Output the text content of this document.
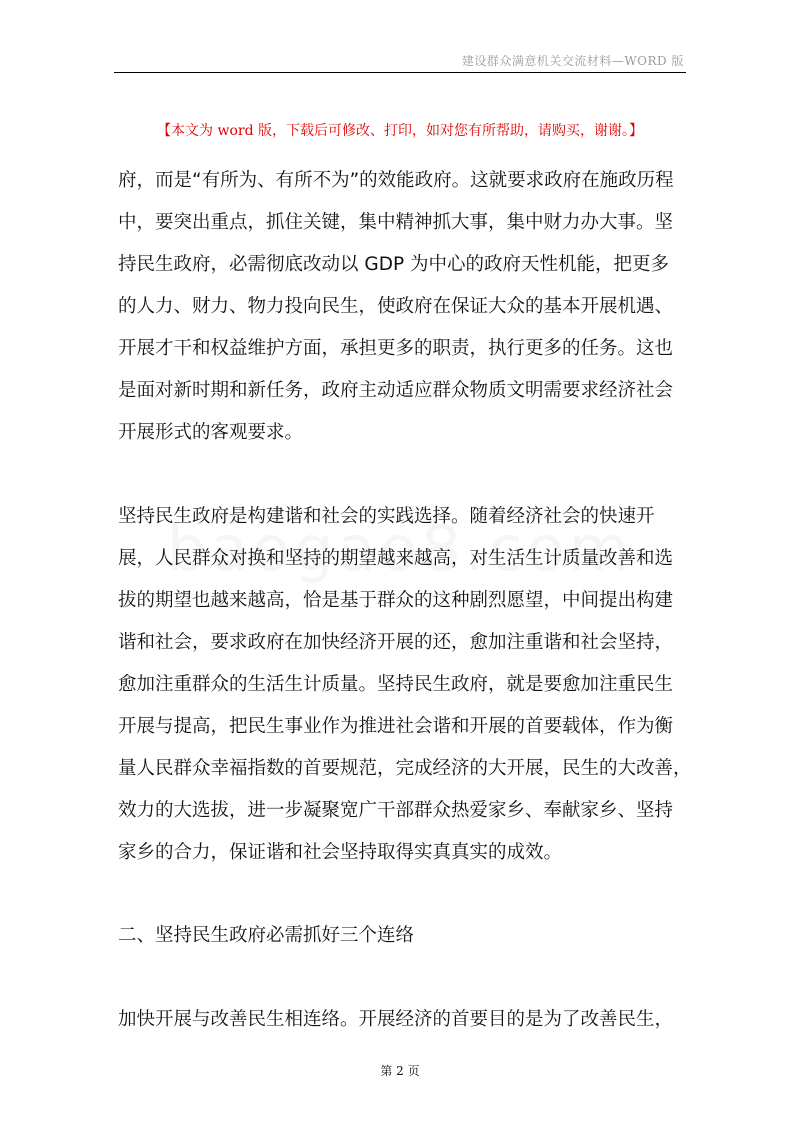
建设群众满意机关交流材料—WORD 版
【本文为 word 版，下载后可修改、打印，如对您有所帮助，请购买，谢谢。】
府，而是“有所为、有所不为”的效能政府。这就要求政府在施政历程
中，要突出重点，抓住关键，集中精神抓大事，集中财力办大事。坚
持民生政府，必需彻底改动以 GDP 为中心的政府天性机能，把更多
的人力、财力、物力投向民生，使政府在保证大众的基本开展机遇、
开展才干和权益维护方面，承担更多的职责，执行更多的任务。这也
是面对新时期和新任务，政府主动适应群众物质文明需要求经济社会
开展形式的客观要求。
坚持民生政府是构建谐和社会的实践选择。随着经济社会的快速开
展，人民群众对换和坚持的期望越来越高，对生活生计质量改善和选
拔的期望也越来越高，恰是基于群众的这种剧烈愿望，中间提出构建
谐和社会，要求政府在加快经济开展的还，愈加注重谐和社会坚持，
愈加注重群众的生活生计质量。坚持民生政府，就是要愈加注重民生
开展与提高，把民生事业作为推进社会谐和开展的首要载体，作为衡
量人民群众幸福指数的首要规范，完成经济的大开展，民生的大改善，
效力的大选拔，进一步凝聚宽广干部群众热爱家乡、奉献家乡、坚持
家乡的合力，保证谐和社会坚持取得实真真实的成效。
二、坚持民生政府必需抓好三个连络
加快开展与改善民生相连络。开展经济的首要目的是为了改善民生，
第 2 页
